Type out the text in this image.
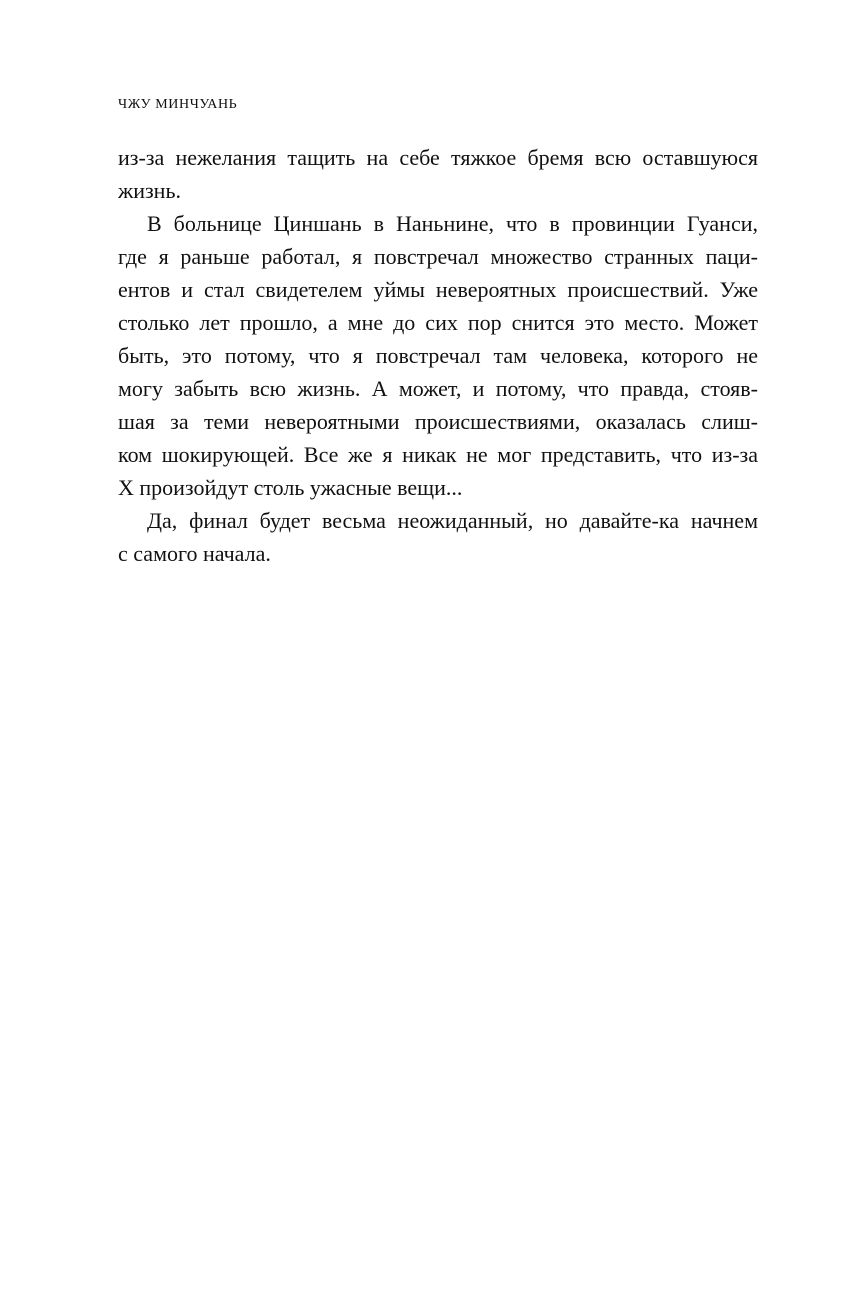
ЧЖУ МИНЧУАНЬ
из-за нежелания тащить на себе тяжкое бремя всю оставшуюся
жизнь.
В больнице Циншань в Наньнине, что в провинции Гуанси,
где я раньше работал, я повстречал множество странных паци-
ентов и стал свидетелем уймы невероятных происшествий. Уже
столько лет прошло, а мне до сих пор снится это место. Может
быть, это потому, что я повстречал там человека, которого не
могу забыть всю жизнь. А может, и потому, что правда, стояв-
шая за теми невероятными происшествиями, оказалась слиш-
ком шокирующей. Все же я никак не мог представить, что из-за
X произойдут столь ужасные вещи...
Да, финал будет весьма неожиданный, но давайте-ка начнем
с самого начала.
